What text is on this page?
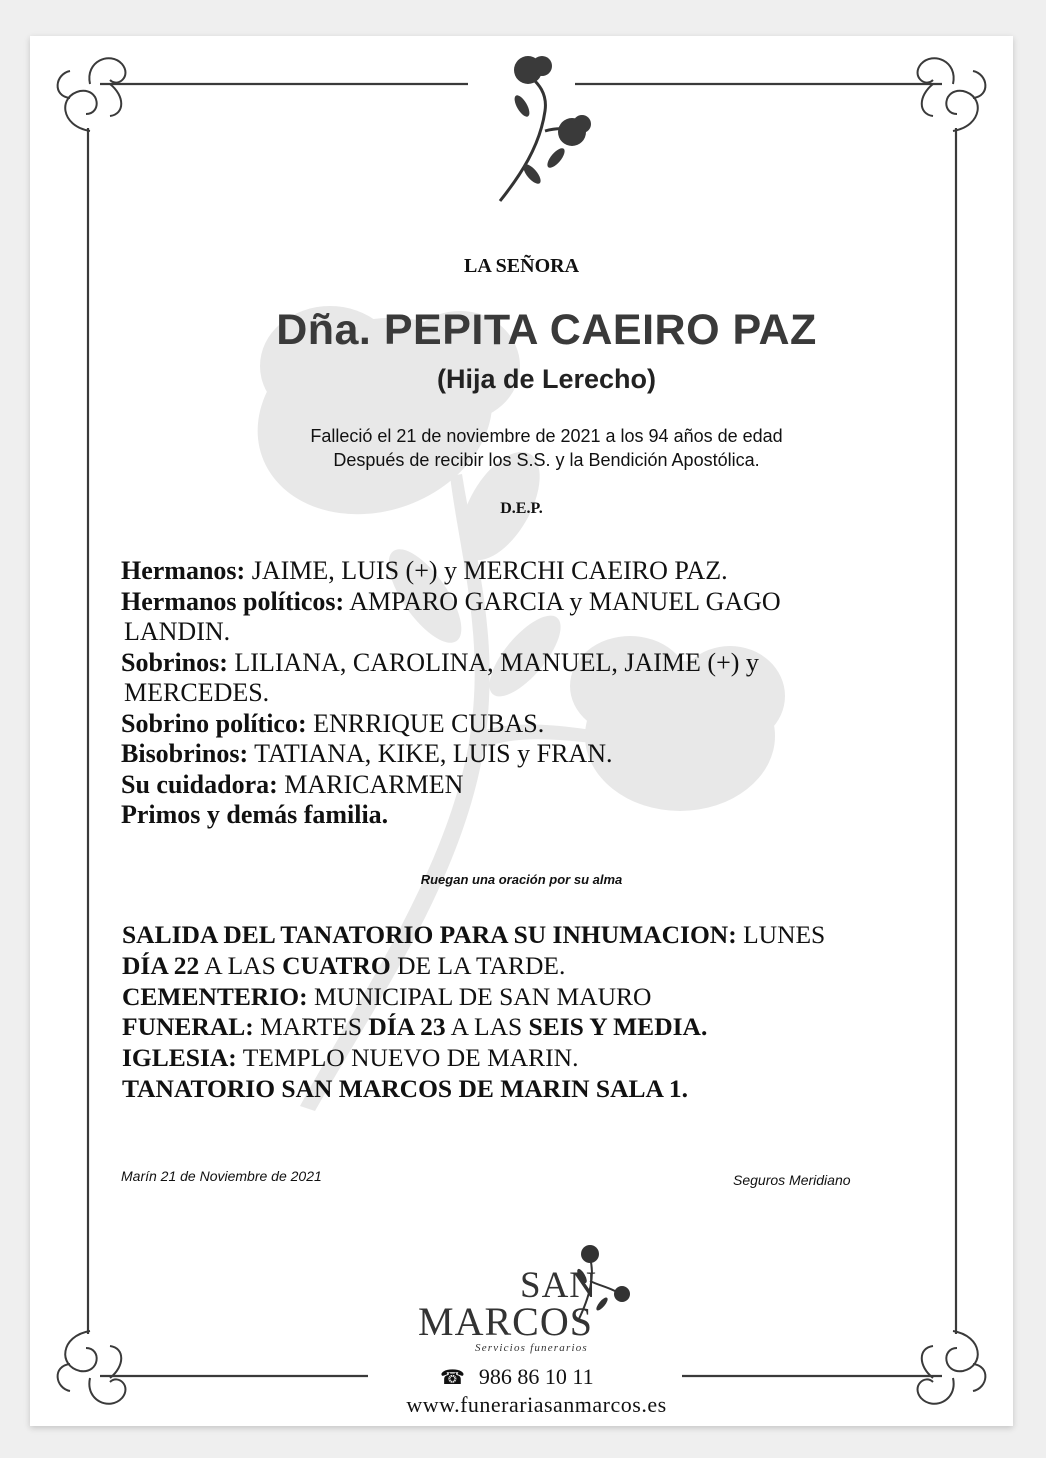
LA SEÑORA
Dña. PEPITA CAEIRO PAZ
(Hija de Lerecho)
Falleció el 21 de noviembre de 2021 a los 94 años de edad
Después de recibir los S.S. y la Bendición Apostólica.
D.E.P.
Hermanos: JAIME, LUIS (+) y MERCHI CAEIRO PAZ.
Hermanos políticos: AMPARO GARCIA y MANUEL GAGO
LANDIN.
Sobrinos: LILIANA, CAROLINA, MANUEL, JAIME (+) y
MERCEDES.
Sobrino político: ENRRIQUE CUBAS.
Bisobrinos: TATIANA, KIKE, LUIS y FRAN.
Su cuidadora: MARICARMEN
Primos y demás familia.
Ruegan una oración por su alma
SALIDA DEL TANATORIO PARA SU INHUMACION: LUNES
DÍA 22 A LAS CUATRO DE LA TARDE.
CEMENTERIO: MUNICIPAL DE SAN MAURO
FUNERAL: MARTES DÍA 23 A LAS SEIS Y MEDIA.
IGLESIA: TEMPLO NUEVO DE MARIN.
TANATORIO SAN MARCOS DE MARIN SALA 1.
Marín 21 de Noviembre de 2021	Seguros Meridiano
SAN
MARCOS
Servicios funerarios
☎ 986 86 10 11
www.funerariasanmarcos.es
